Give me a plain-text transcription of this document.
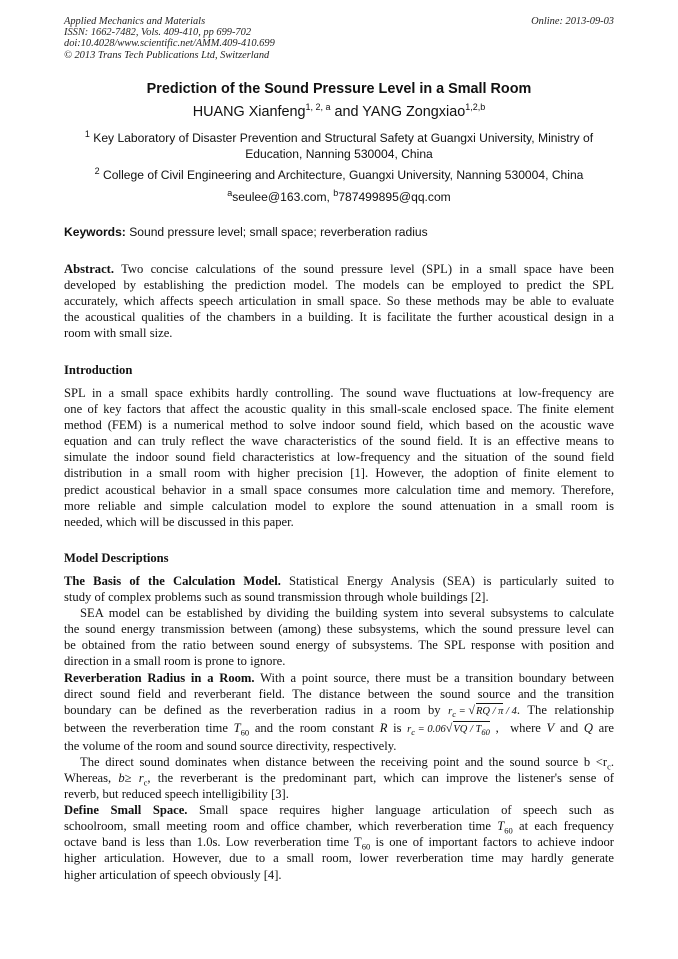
Applied Mechanics and Materials
ISSN: 1662-7482, Vols. 409-410, pp 699-702
doi:10.4028/www.scientific.net/AMM.409-410.699
© 2013 Trans Tech Publications Ltd, Switzerland
Online: 2013-09-03
Prediction of the Sound Pressure Level in a Small Room
HUANG Xianfeng$^{1, 2, a}$ and YANG Zongxiao$^{1,2,b}$
$^1$ Key Laboratory of Disaster Prevention and Structural Safety at Guangxi University, Ministry of
Education, Nanning 530004, China
$^2$ College of Civil Engineering and Architecture, Guangxi University, Nanning 530004, China
$^a$seulee@163.com, $^b$787499895@qq.com
Keywords: Sound pressure level; small space; reverberation radius
Abstract. Two concise calculations of the sound pressure level (SPL) in a small space have been
developed by establishing the prediction model. The models can be employed to predict the SPL
accurately, which affects speech articulation in small space. So these methods may be able to evaluate
the acoustical qualities of the chambers in a building. It is facilitate the further acoustical design in a
room with small size.
Introduction
SPL in a small space exhibits hardly controlling. The sound wave fluctuations at low-frequency are
one of key factors that affect the acoustic quality in this small-scale enclosed space. The finite element
method (FEM) is a numerical method to solve indoor sound field, which based on the acoustic wave
equation and can truly reflect the wave characteristics of the sound field. It is an effective means to
simulate the indoor sound field characteristics at low-frequency and the situation of the sound field
distribution in a small room with higher precision [1]. However, the adoption of finite element to
predict acoustical behavior in a small space consumes more calculation time and memory. Therefore,
more reliable and simple calculation model to explore the sound attenuation in a small room is
needed, which will be discussed in this paper.
Model Descriptions
The Basis of the Calculation Model. Statistical Energy Analysis (SEA) is particularly suited to
study of complex problems such as sound transmission through whole buildings [2].
SEA model can be established by dividing the building system into several subsystems to calculate
the sound energy transmission between (among) these subsystems, which the sound pressure level can
be obtained from the ratio between sound energy of subsystems. The SPL response with position and
direction in a small room is prone to ignore.
Reverberation Radius in a Room. With a point source, there must be a transition boundary between
direct sound field and reverberant field. The distance between the sound source and the transition
boundary can be defined as the reverberation radius in a room by $r_c = √RQ / \pi / 4$. The relationship
between the reverberation time $T_{60}$ and the room constant R is $r_c = 0.06√VQ / T_{60}$ ,  where V and Q are
the volume of the room and sound source directivity, respectively.
The direct sound dominates when distance between the receiving point and the sound source $b <r_c$.
Whereas, $b\ge r_c$, the reverberant is the predominant part, which can improve the listener's sense of
reverb, but reduced speech intelligibility [3].
Define Small Space. Small space requires higher language articulation of speech such as
schoolroom, small meeting room and office chamber, which reverberation time $T_{60}$ at each frequency
octave band is less than 1.0s. Low reverberation time $T_{60}$ is one of important factors to achieve indoor
higher articulation. However, due to a small room, lower reverberation time may hardly generate
higher articulation of speech obviously [4].
